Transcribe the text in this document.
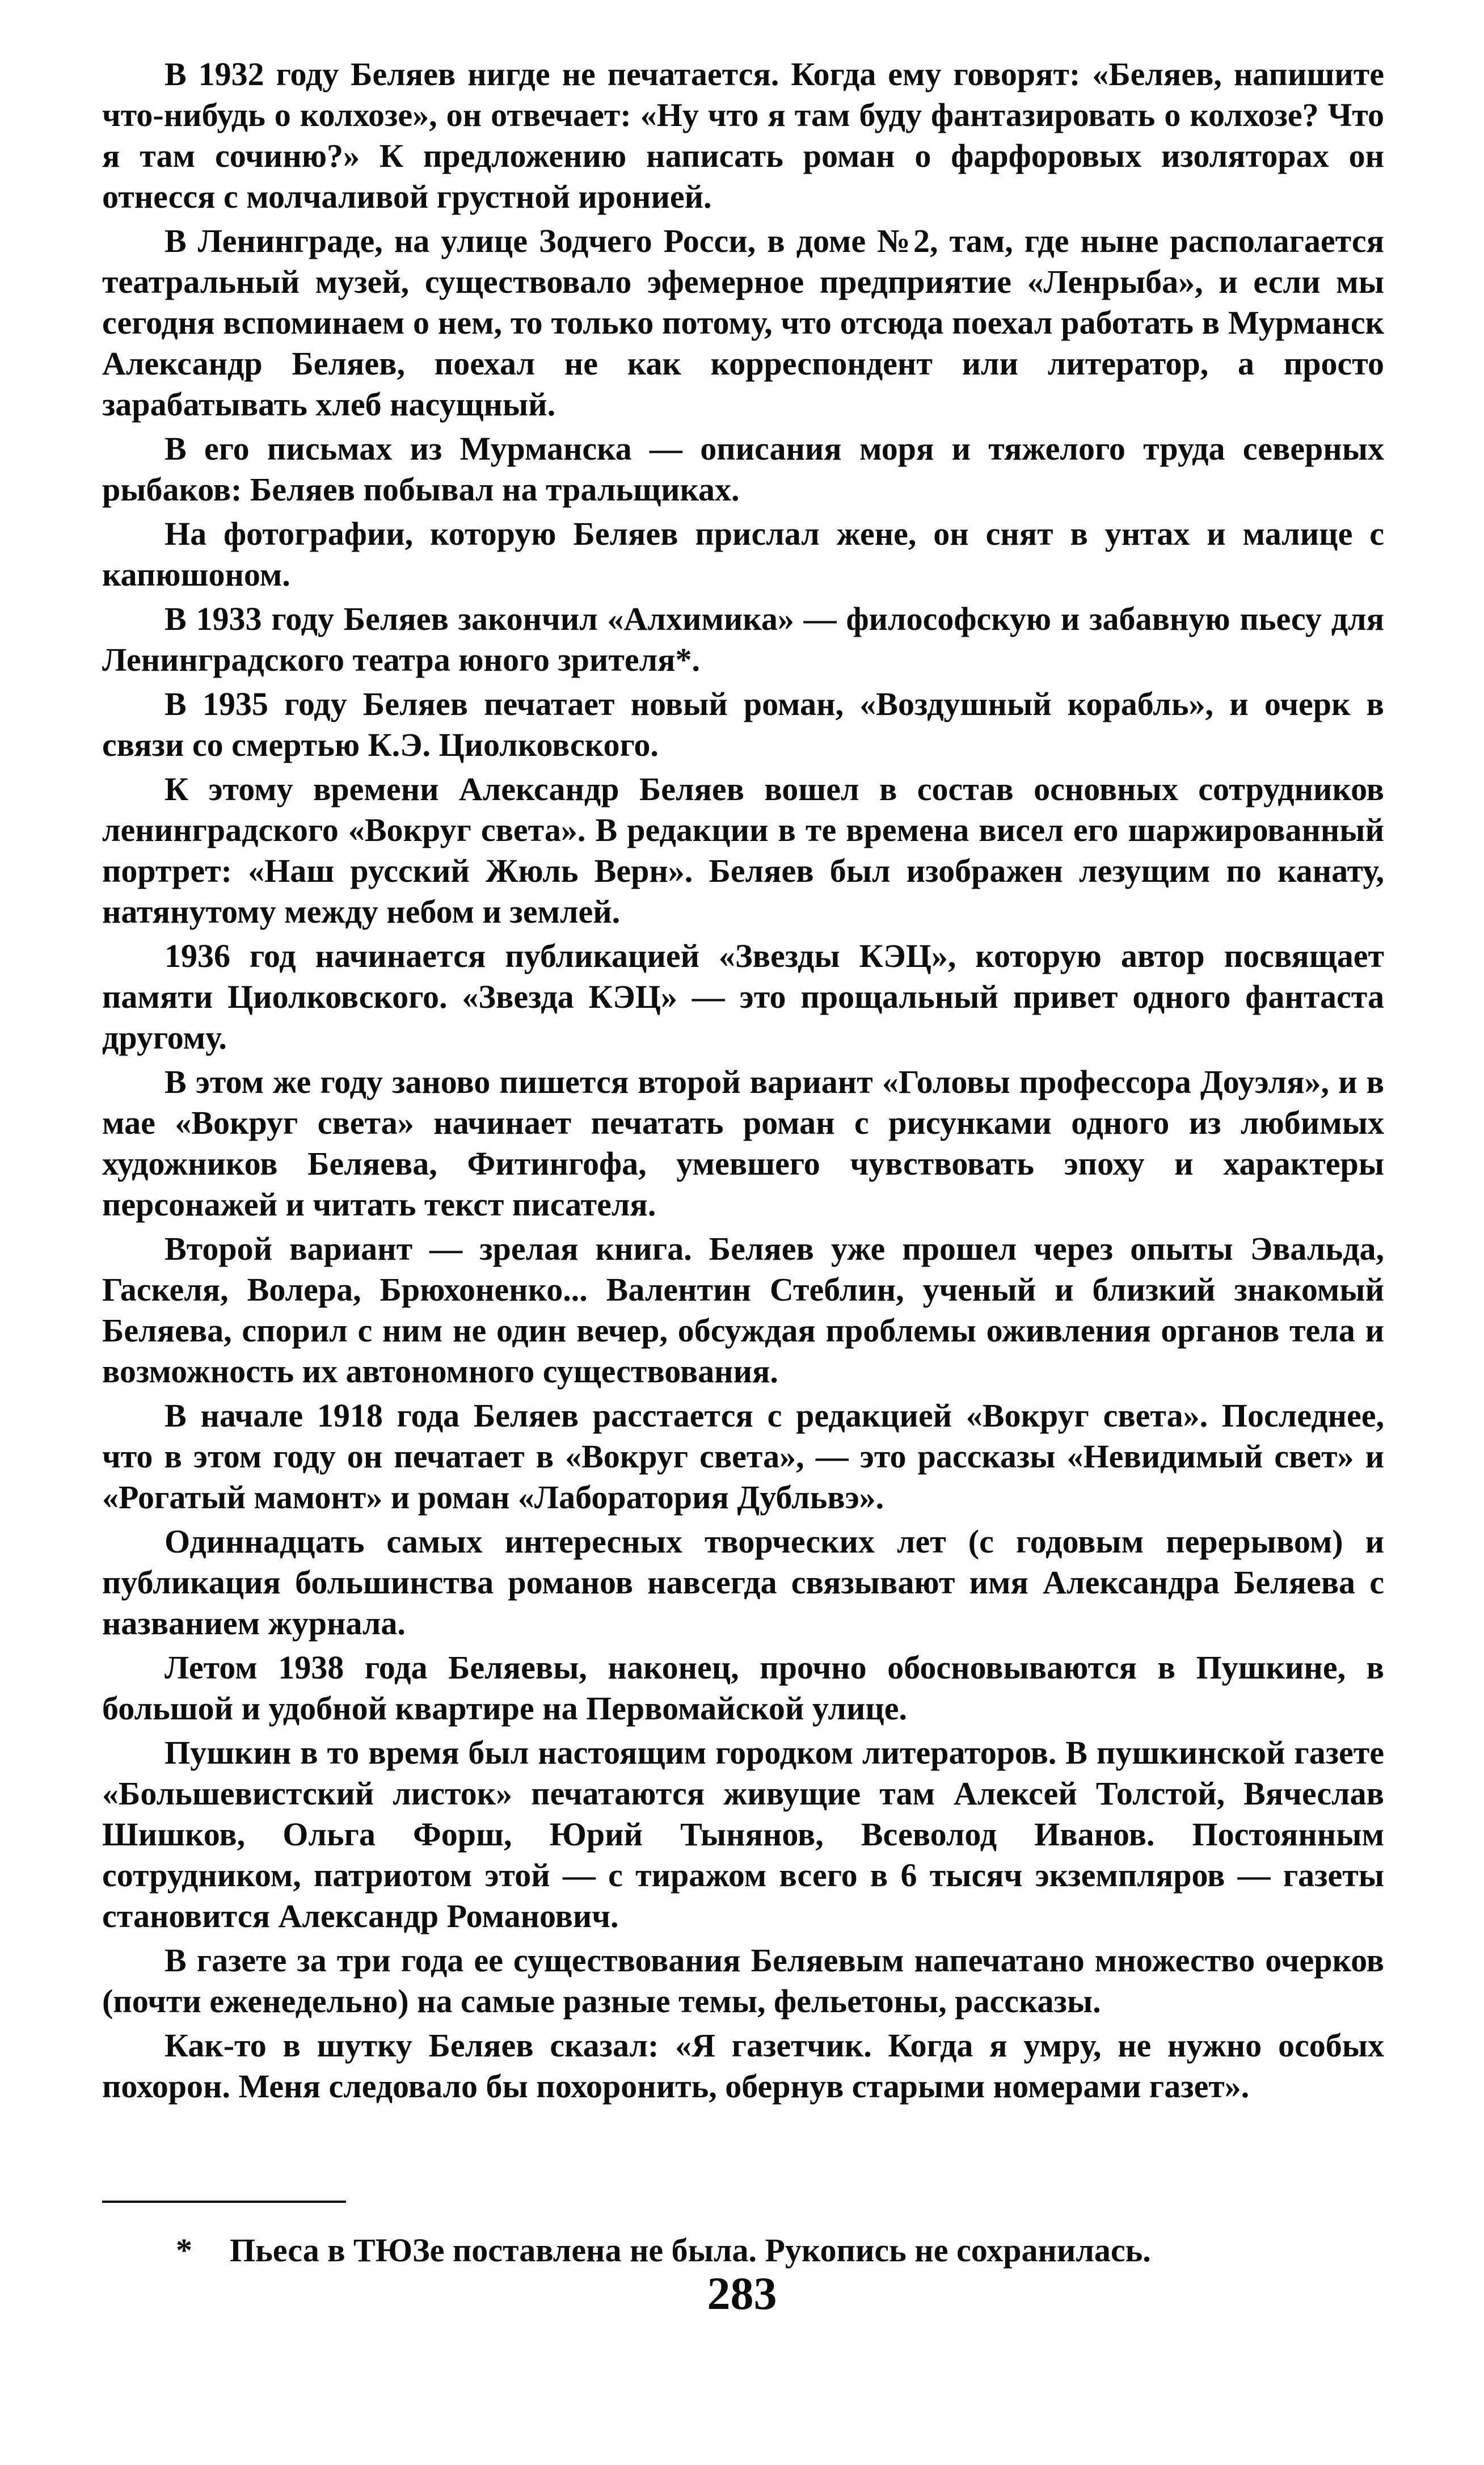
В 1932 году Беляев нигде не печатается. Когда ему говорят: «Беляев, напишите что-нибудь о колхозе», он отвечает: «Ну что я там буду фантазировать о колхозе? Что я там сочиню?» К предложению написать роман о фарфоровых изоляторах он отнесся с молчаливой грустной иронией.

В Ленинграде, на улице Зодчего Росси, в доме №2, там, где ныне располагается театральный музей, существовало эфемерное предприятие «Ленрыба», и если мы сегодня вспоминаем о нем, то только потому, что отсюда поехал работать в Мурманск Александр Беляев, поехал не как корреспондент или литератор, а просто зарабатывать хлеб насущный.

В его письмах из Мурманска — описания моря и тяжелого труда северных рыбаков: Беляев побывал на тральщиках.

На фотографии, которую Беляев прислал жене, он снят в унтах и малице с капюшоном.

В 1933 году Беляев закончил «Алхимика» — философскую и забавную пьесу для Ленинградского театра юного зрителя*.

В 1935 году Беляев печатает новый роман, «Воздушный корабль», и очерк в связи со смертью К.Э. Циолковского.

К этому времени Александр Беляев вошел в состав основных сотрудников ленинградского «Вокруг света». В редакции в те времена висел его шаржированный портрет: «Наш русский Жюль Верн». Беляев был изображен лезущим по канату, натянутому между небом и землей.

1936 год начинается публикацией «Звезды КЭЦ», которую автор посвящает памяти Циолковского. «Звезда КЭЦ» — это прощальный привет одного фантаста другому.

В этом же году заново пишется второй вариант «Головы профессора Доуэля», и в мае «Вокруг света» начинает печатать роман с рисунками одного из любимых художников Беляева, Фитингофа, умевшего чувствовать эпоху и характеры персонажей и читать текст писателя.

Второй вариант — зрелая книга. Беляев уже прошел через опыты Эвальда, Гаскеля, Волера, Брюхоненко... Валентин Стеблин, ученый и близкий знакомый Беляева, спорил с ним не один вечер, обсуждая проблемы оживления органов тела и возможность их автономного существования.

В начале 1918 года Беляев расстается с редакцией «Вокруг света». Последнее, что в этом году он печатает в «Вокруг света», — это рассказы «Невидимый свет» и «Рогатый мамонт» и роман «Лаборатория Дубльвэ».

Одиннадцать самых интересных творческих лет (с годовым перерывом) и публикация большинства романов навсегда связывают имя Александра Беляева с названием журнала.

Летом 1938 года Беляевы, наконец, прочно обосновываются в Пушкине, в большой и удобной квартире на Первомайской улице.

Пушкин в то время был настоящим городком литераторов. В пушкинской газете «Большевистский листок» печатаются живущие там Алексей Толстой, Вячеслав Шишков, Ольга Форш, Юрий Тынянов, Всеволод Иванов. Постоянным сотрудником, патриотом этой — с тиражом всего в 6 тысяч экземпляров — газеты становится Александр Романович.

В газете за три года ее существования Беляевым напечатано множество очерков (почти еженедельно) на самые разные темы, фельетоны, рассказы.

Как-то в шутку Беляев сказал: «Я газетчик. Когда я умру, не нужно особых похорон. Меня следовало бы похоронить, обернув старыми номерами газет».

* Пьеса в ТЮЗе поставлена не была. Рукопись не сохранилась.
283
